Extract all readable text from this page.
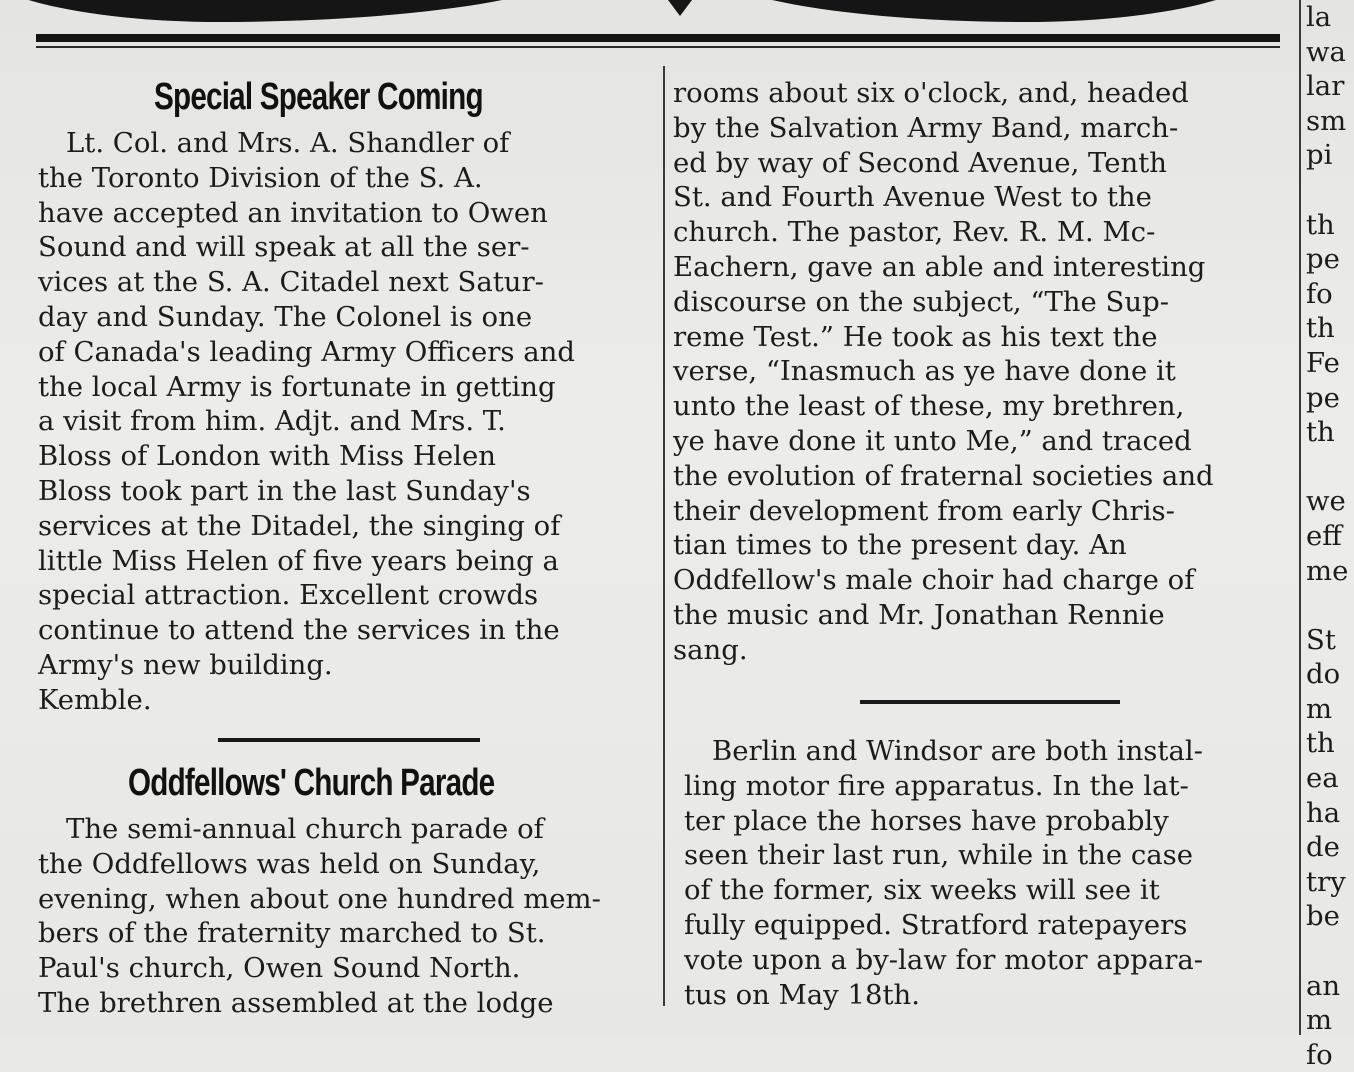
Special Speaker Coming
Lt. Col. and Mrs. A. Shandler of
the Toronto Division of the S. A.
have accepted an invitation to Owen
Sound and will speak at all the ser-
vices at the S. A. Citadel next Satur-
day and Sunday. The Colonel is one
of Canada's leading Army Officers and
the local Army is fortunate in getting
a visit from him. Adjt. and Mrs. T.
Bloss of London with Miss Helen
Bloss took part in the last Sunday's
services at the Ditadel, the singing of
little Miss Helen of five years being a
special attraction. Excellent crowds
continue to attend the services in the
Army's new building.
Kemble.
Oddfellows' Church Parade
The semi-annual church parade of
the Oddfellows was held on Sunday,
evening, when about one hundred mem-
bers of the fraternity marched to St.
Paul's church, Owen Sound North.
The brethren assembled at the lodge
rooms about six o'clock, and, headed
by the Salvation Army Band, march-
ed by way of Second Avenue, Tenth
St. and Fourth Avenue West to the
church. The pastor, Rev. R. M. Mc-
Eachern, gave an able and interesting
discourse on the subject, “The Sup-
reme Test.” He took as his text the
verse, “Inasmuch as ye have done it
unto the least of these, my brethren,
ye have done it unto Me,” and traced
the evolution of fraternal societies and
their development from early Chris-
tian times to the present day. An
Oddfellow's male choir had charge of
the music and Mr. Jonathan Rennie
sang.
Berlin and Windsor are both instal-
ling motor fire apparatus. In the lat-
ter place the horses have probably
seen their last run, while in the case
of the former, six weeks will see it
fully equipped. Stratford ratepayers
vote upon a by-law for motor appara-
tus on May 18th.
la
wa
lar
sm
pi
th
pe
fo
th
Fe
pe
th
we
eff
me
St
do
m
th
ea
ha
de
try
be
an
m
fo
